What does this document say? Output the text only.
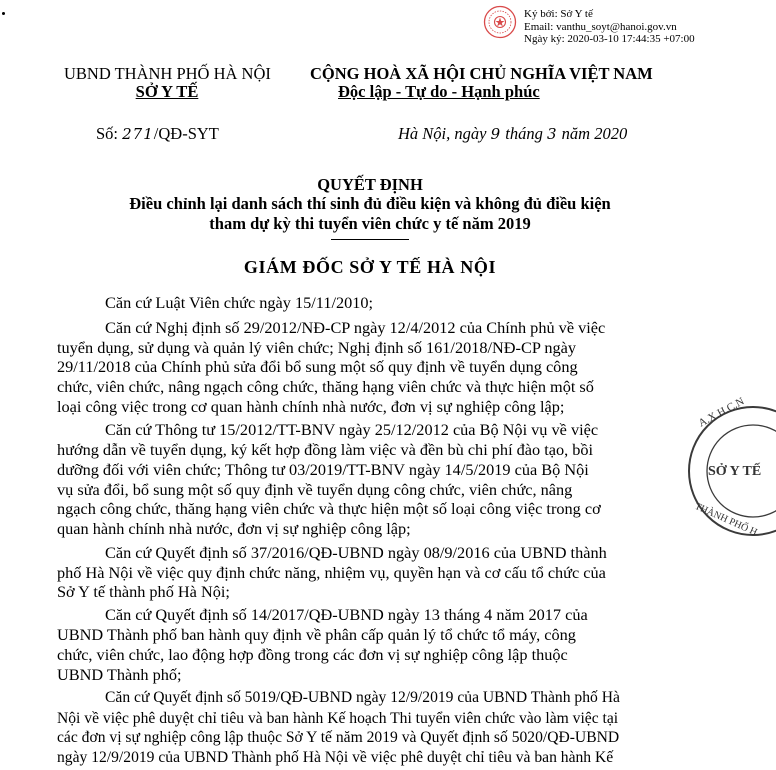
Ký bởi: Sở Y tế
Email: vanthu_soyt@hanoi.gov.vn
Ngày ký: 2020-03-10 17:44:35 +07:00
UBND THÀNH PHỐ HÀ NỘI
SỞ Y TẾ
CỘNG HOÀ XÃ HỘI CHỦ NGHĨA VIỆT NAM
Độc lập - Tự do - Hạnh phúc
Số: 271/QĐ-SYT	Hà Nội, ngày 9 tháng 3 năm 2020
QUYẾT ĐỊNH
Điều chỉnh lại danh sách thí sinh đủ điều kiện và không đủ điều kiện
tham dự kỳ thi tuyển viên chức y tế năm 2019
GIÁM ĐỐC SỞ Y TẾ HÀ NỘI
Căn cứ Luật Viên chức ngày 15/11/2010;
Căn cứ Nghị định số 29/2012/NĐ-CP ngày 12/4/2012 của Chính phủ về việc
tuyển dụng, sử dụng và quản lý viên chức; Nghị định số 161/2018/NĐ-CP ngày
29/11/2018 của Chính phủ sửa đổi bổ sung một số quy định về tuyển dụng công
chức, viên chức, nâng ngạch công chức, thăng hạng viên chức và thực hiện một số
loại công việc trong cơ quan hành chính nhà nước, đơn vị sự nghiệp công lập;
Căn cứ Thông tư 15/2012/TT-BNV ngày 25/12/2012 của Bộ Nội vụ về việc
hướng dẫn về tuyển dụng, ký kết hợp đồng làm việc và đền bù chi phí đào tạo, bồi
dưỡng đối với viên chức; Thông tư 03/2019/TT-BNV ngày 14/5/2019 của Bộ Nội
vụ sửa đổi, bổ sung một số quy định về tuyển dụng công chức, viên chức, nâng
ngạch công chức, thăng hạng viên chức và thực hiện một số loại công việc trong cơ
quan hành chính nhà nước, đơn vị sự nghiệp công lập;
Căn cứ Quyết định số 37/2016/QĐ-UBND ngày 08/9/2016 của UBND thành
phố Hà Nội về việc quy định chức năng, nhiệm vụ, quyền hạn và cơ cấu tổ chức của
Sở Y tế thành phố Hà Nội;
Căn cứ Quyết định số 14/2017/QĐ-UBND ngày 13 tháng 4 năm 2017 của
UBND Thành phố ban hành quy định về phân cấp quản lý tổ chức tổ máy, công
chức, viên chức, lao động hợp đồng trong các đơn vị sự nghiệp công lập thuộc
UBND Thành phố;
Căn cứ Quyết định số 5019/QĐ-UBND ngày 12/9/2019 của UBND Thành phố Hà
Nội về việc phê duyệt chỉ tiêu và ban hành Kế hoạch Thi tuyển viên chức vào làm việc tại
các đơn vị sự nghiệp công lập thuộc Sở Y tế năm 2019 và Quyết định số 5020/QĐ-UBND
ngày 12/9/2019 của UBND Thành phố Hà Nội về việc phê duyệt chỉ tiêu và ban hành Kế
A.X.H.C.N
SỞ Y TẾ
THÀNH PHỐ H
